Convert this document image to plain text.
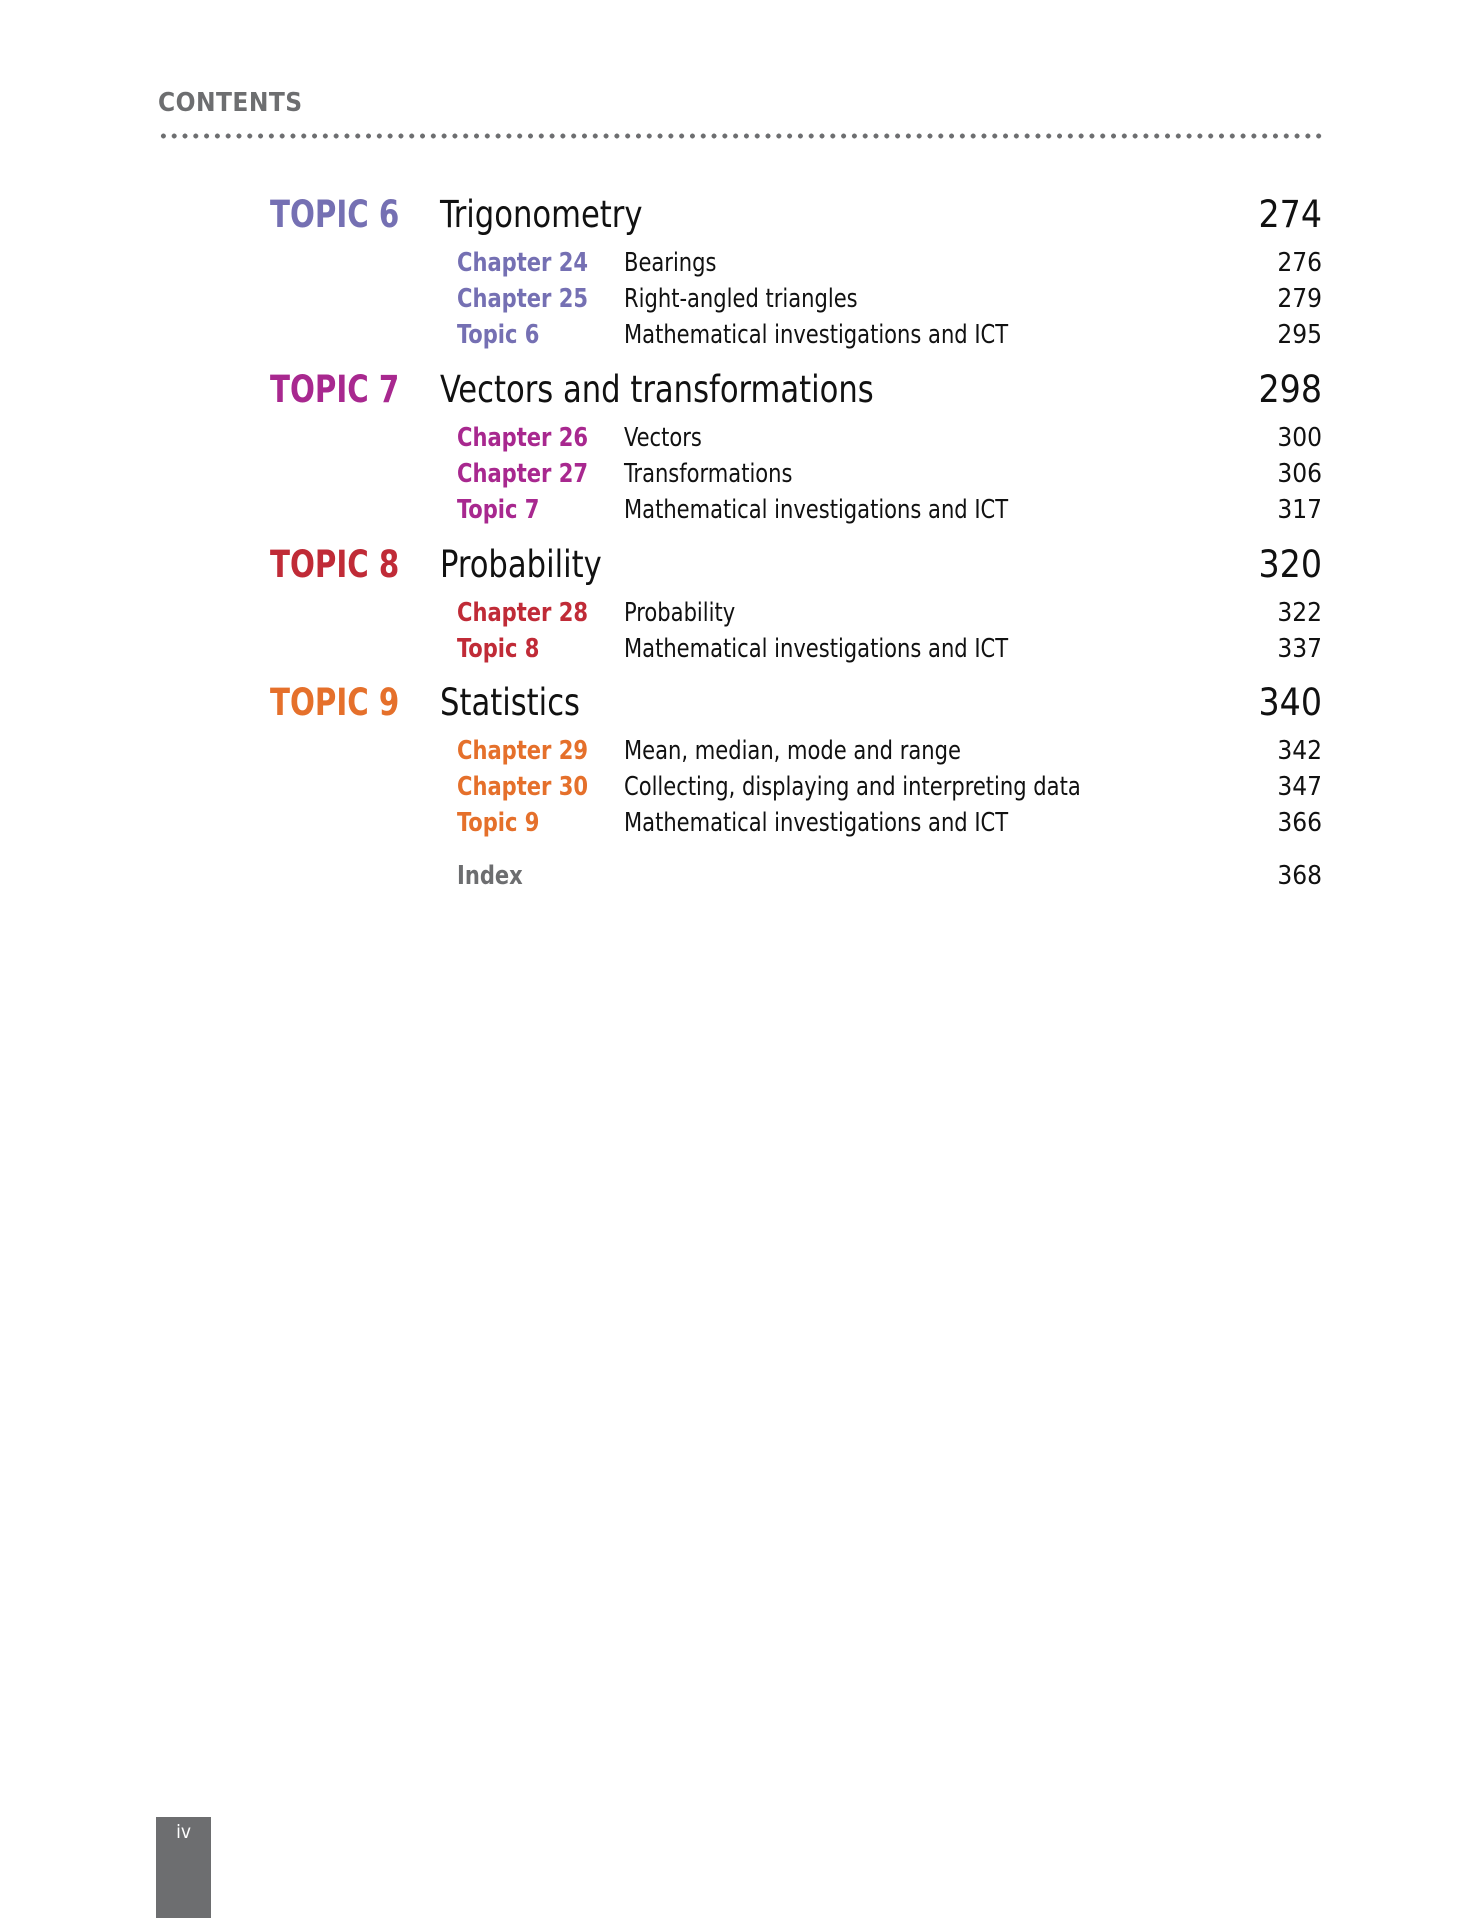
CONTENTS
TOPIC 6 Trigonometry	274
Chapter 24 Bearings	276
Chapter 25 Right-angled triangles	279
Topic 6	Mathematical investigations and ICT	295
TOPIC 7 Vectors and transformations	298
Chapter 26 Vectors	300
Chapter 27 Transformations	306
Topic 7	Mathematical investigations and ICT	317
TOPIC 8 Probability	320
Chapter 28 Probability	322
Topic 8	Mathematical investigations and ICT	337
TOPIC 9 Statistics	340
Chapter 29 Mean, median, mode and range	342
Chapter 30 Collecting, displaying and interpreting data	347
Topic 9	Mathematical investigations and ICT	366
Index	368
iv
